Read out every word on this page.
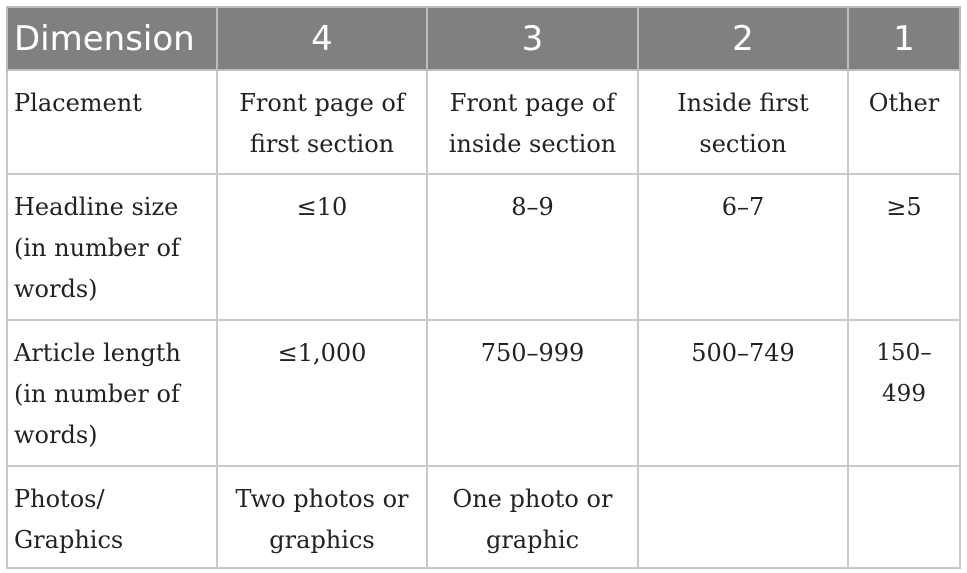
Dimension	4	3	2	1
Placement	Front page of first section	Front page of inside section	Inside first section	Other
Headline size (in number of words)	≤10	8–9	6–7	≥5
Article length (in number of words)	≤1,000	750–999	500–749	150–499
Photos/ Graphics	Two photos or graphics	One photo or graphic		
